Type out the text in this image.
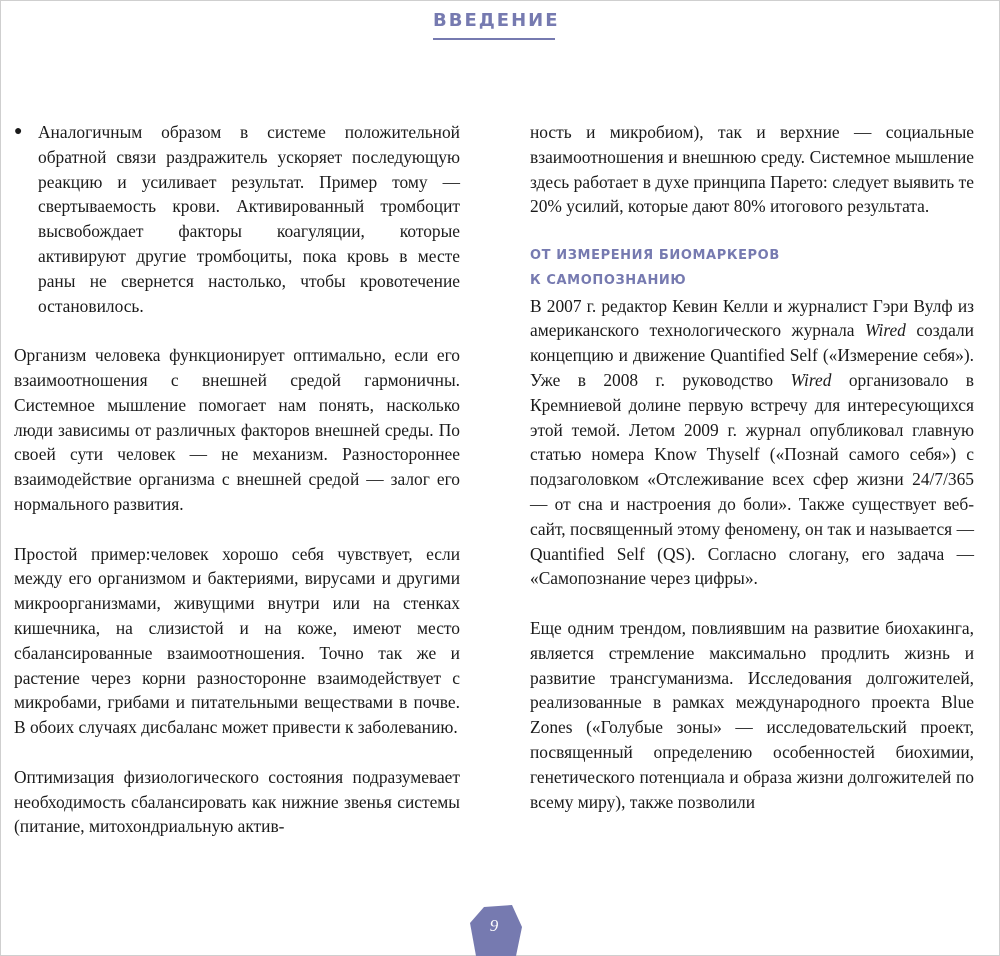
ВВЕДЕНИЕ
● Аналогичным образом в системе положительной обратной связи раздражитель ускоряет последующую реакцию и усиливает результат. Пример тому — свертываемость крови. Активированный тромбоцит высвобождает факторы коагуляции, которые активируют другие тромбоциты, пока кровь в месте раны не свернется настолько, чтобы кровотечение остановилось.

Организм человека функционирует оптимально, если его взаимоотношения с внешней средой гармоничны. Системное мышление помогает нам понять, насколько люди зависимы от различных факторов внешней среды. По своей сути человек — не механизм. Разностороннее взаимодействие организма с внешней средой — залог его нормального развития.

Простой пример:человек хорошо себя чувствует, если между его организмом и бактериями, вирусами и другими микроорганизмами, живущими внутри или на стенках кишечника, на слизистой и на коже, имеют место сбалансированные взаимоотношения. Точно так же и растение через корни разносторонне взаимодействует с микробами, грибами и питательными веществами в почве. В обоих случаях дисбаланс может привести к заболеванию.

Оптимизация физиологического состояния подразумевает необходимость сбалансировать как нижние звенья системы (питание, митохондриальную актив-

ность и микробиом), так и верхние — социальные взаимоотношения и внешнюю среду. Системное мышление здесь работает в духе принципа Парето: следует выявить те 20% усилий, которые дают 80% итогового результата.

ОТ ИЗМЕРЕНИЯ БИОМАРКЕРОВ
К САМОПОЗНАНИЮ

В 2007 г. редактор Кевин Келли и журналист Гэри Вулф из американского технологического журнала Wired создали концепцию и движение Quantified Self («Измерение себя»). Уже в 2008 г. руководство Wired организовало в Кремниевой долине первую встречу для интересующихся этой темой. Летом 2009 г. журнал опубликовал главную статью номера Know Thyself («Познай самого себя») с подзаголовком «Отслеживание всех сфер жизни 24/7/365 — от сна и настроения до боли». Также существует веб-сайт, посвященный этому феномену, он так и называется — Quantified Self (QS). Согласно слогану, его задача — «Самопознание через цифры».

Еще одним трендом, повлиявшим на развитие биохакинга, является стремление максимально продлить жизнь и развитие трансгуманизма. Исследования долгожителей, реализованные в рамках международного проекта Blue Zones («Голубые зоны» — исследовательский проект, посвященный определению особенностей биохимии, генетического потенциала и образа жизни долгожителей по всему миру), также позволили

9
